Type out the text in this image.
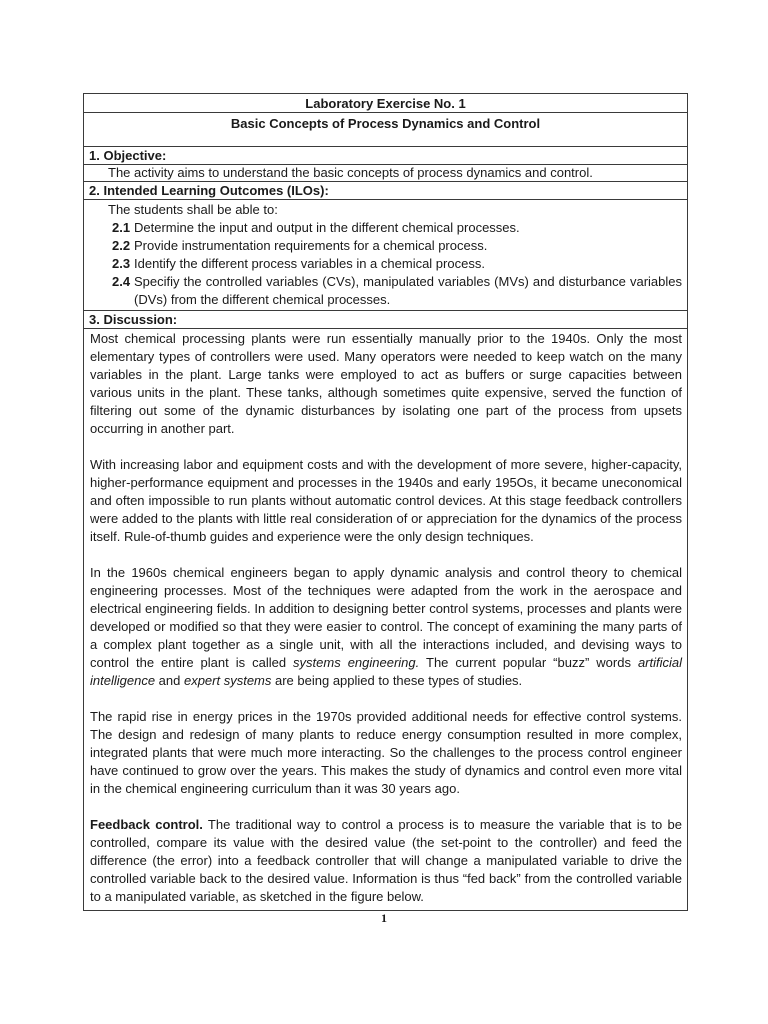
Laboratory Exercise No. 1
Basic Concepts of Process Dynamics and Control
1. Objective:
The activity aims to understand the basic concepts of process dynamics and control.
2. Intended Learning Outcomes (ILOs):
The students shall be able to:
2.1 Determine the input and output in the different chemical processes.
2.2 Provide instrumentation requirements for a chemical process.
2.3 Identify the different process variables in a chemical process.
2.4 Specifiy the controlled variables (CVs), manipulated variables (MVs) and disturbance variables (DVs) from the different chemical processes.
3. Discussion:

Most chemical processing plants were run essentially manually prior to the 1940s. Only the most elementary types of controllers were used. Many operators were needed to keep watch on the many variables in the plant. Large tanks were employed to act as buffers or surge capacities between various units in the plant. These tanks, although sometimes quite expensive, served the function of filtering out some of the dynamic disturbances by isolating one part of the process from upsets occurring in another part.

With increasing labor and equipment costs and with the development of more severe, higher-capacity, higher-performance equipment and processes in the 1940s and early 195Os, it became uneconomical and often impossible to run plants without automatic control devices. At this stage feedback controllers were added to the plants with little real consideration of or appreciation for the dynamics of the process itself. Rule-of-thumb guides and experience were the only design techniques.

In the 1960s chemical engineers began to apply dynamic analysis and control theory to chemical engineering processes. Most of the techniques were adapted from the work in the aerospace and electrical engineering fields. In addition to designing better control systems, processes and plants were developed or modified so that they were easier to control. The concept of examining the many parts of a complex plant together as a single unit, with all the interactions included, and devising ways to control the entire plant is called systems engineering. The current popular “buzz” words artificial intelligence and expert systems are being applied to these types of studies.

The rapid rise in energy prices in the 1970s provided additional needs for effective control systems. The design and redesign of many plants to reduce energy consumption resulted in more complex, integrated plants that were much more interacting. So the challenges to the process control engineer have continued to grow over the years. This makes the study of dynamics and control even more vital in the chemical engineering curriculum than it was 30 years ago.

Feedback control. The traditional way to control a process is to measure the variable that is to be controlled, compare its value with the desired value (the set-point to the controller) and feed the difference (the error) into a feedback controller that will change a manipulated variable to drive the controlled variable back to the desired value. Information is thus “fed back” from the controlled variable to a manipulated variable, as sketched in the figure below.

1
